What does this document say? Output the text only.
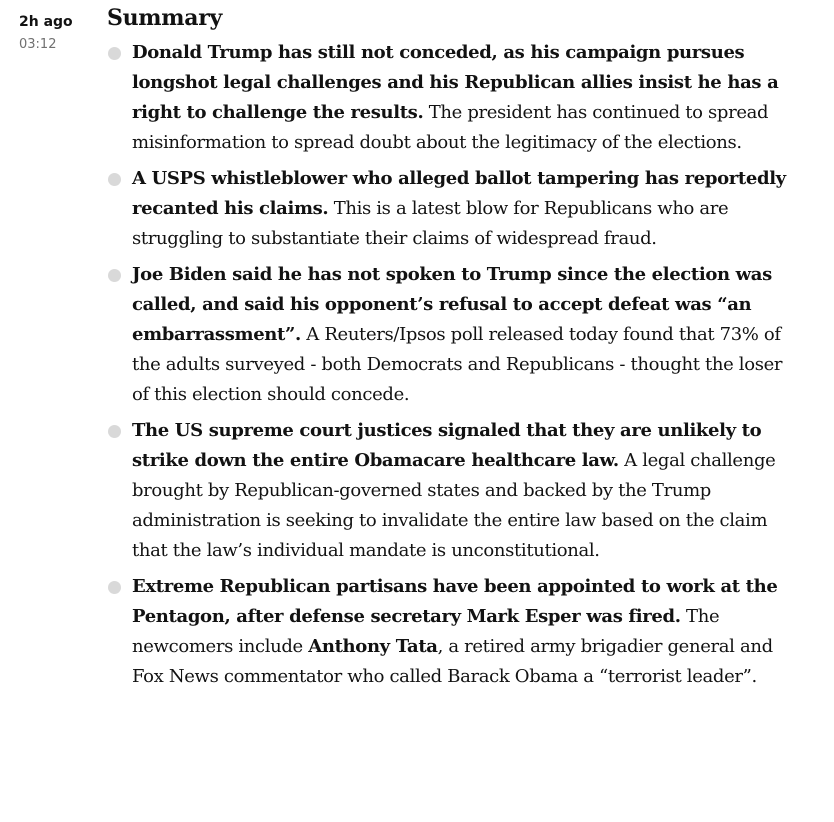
2h ago
03:12
Summary
Donald Trump has still not conceded, as his campaign pursues longshot legal challenges and his Republican allies insist he has a right to challenge the results. The president has continued to spread misinformation to spread doubt about the legitimacy of the elections.
A USPS whistleblower who alleged ballot tampering has reportedly recanted his claims. This is a latest blow for Republicans who are struggling to substantiate their claims of widespread fraud.
Joe Biden said he has not spoken to Trump since the election was called, and said his opponent’s refusal to accept defeat was “an embarrassment”. A Reuters/Ipsos poll released today found that 73% of the adults surveyed - both Democrats and Republicans - thought the loser of this election should concede.
The US supreme court justices signaled that they are unlikely to strike down the entire Obamacare healthcare law. A legal challenge brought by Republican-governed states and backed by the Trump administration is seeking to invalidate the entire law based on the claim that the law’s individual mandate is unconstitutional.
Extreme Republican partisans have been appointed to work at the Pentagon, after defense secretary Mark Esper was fired. The newcomers include Anthony Tata, a retired army brigadier general and Fox News commentator who called Barack Obama a “terrorist leader”.
